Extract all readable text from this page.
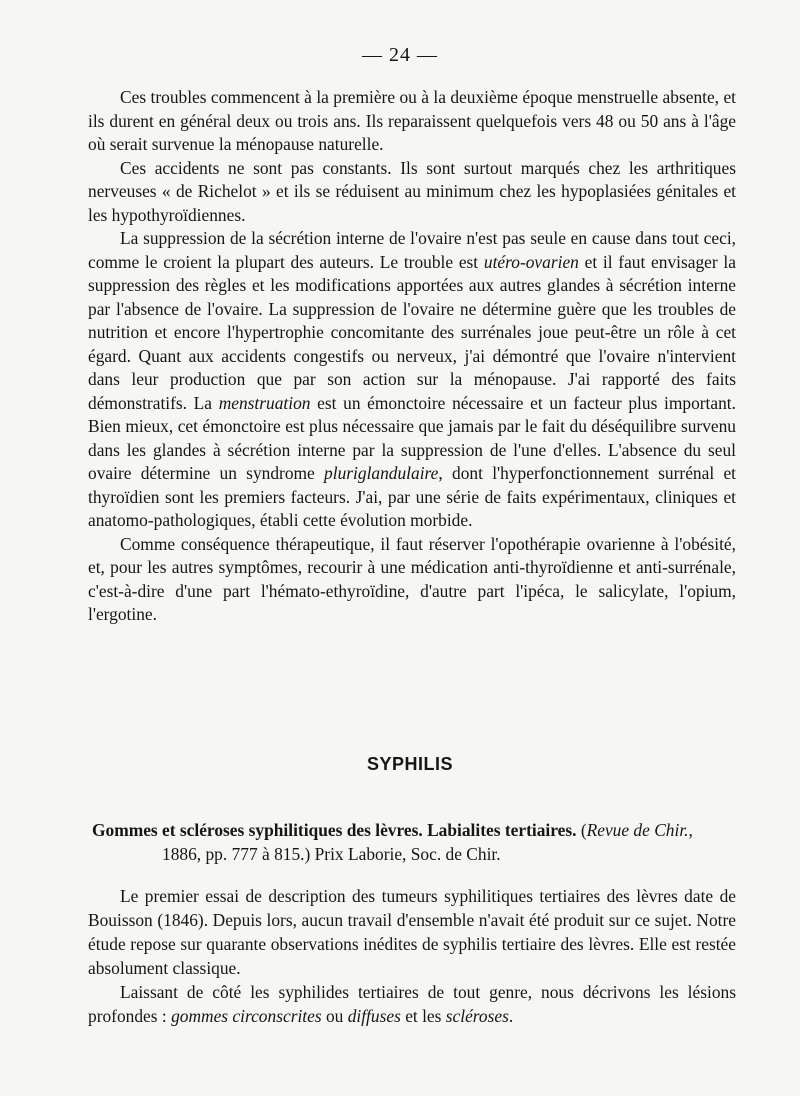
— 24 —

Ces troubles commencent à la première ou à la deuxième époque menstruelle absente, et ils durent en général deux ou trois ans. Ils reparaissent quelquefois vers 48 ou 50 ans à l'âge où serait survenue la ménopause naturelle.

Ces accidents ne sont pas constants. Ils sont surtout marqués chez les arthritiques nerveuses « de Richelot » et ils se réduisent au minimum chez les hypoplasiées génitales et les hypothyroïdiennes.

La suppression de la sécrétion interne de l'ovaire n'est pas seule en cause dans tout ceci, comme le croient la plupart des auteurs. Le trouble est utéro-ovarien et il faut envisager la suppression des règles et les modifications apportées aux autres glandes à sécrétion interne par l'absence de l'ovaire. La suppression de l'ovaire ne détermine guère que les troubles de nutrition et encore l'hypertrophie concomitante des surrénales joue peut-être un rôle à cet égard. Quant aux accidents congestifs ou nerveux, j'ai démontré que l'ovaire n'intervient dans leur production que par son action sur la ménopause. J'ai rapporté des faits démonstratifs. La menstruation est un émonctoire nécessaire et un facteur plus important. Bien mieux, cet émonctoire est plus nécessaire que jamais par le fait du déséquilibre survenu dans les glandes à sécrétion interne par la suppression de l'une d'elles. L'absence du seul ovaire détermine un syndrome pluriglandulaire, dont l'hyperfonctionnement surrénal et thyroïdien sont les premiers facteurs. J'ai, par une série de faits expérimentaux, cliniques et anatomo-pathologiques, établi cette évolution morbide.

Comme conséquence thérapeutique, il faut réserver l'opothérapie ovarienne à l'obésité, et, pour les autres symptômes, recourir à une médication anti-thyroïdienne et anti-surrénale, c'est-à-dire d'une part l'hémato-ethyroïdine, d'autre part l'ipéca, le salicylate, l'opium, l'ergotine.

SYPHILIS
Gommes et scléroses syphilitiques des lèvres. Labialites tertiaires. (Revue de Chir.,
1886, pp. 777 à 815.) Prix Laborie, Soc. de Chir.

Le premier essai de description des tumeurs syphilitiques tertiaires des lèvres date de Bouisson (1846). Depuis lors, aucun travail d'ensemble n'avait été produit sur ce sujet. Notre étude repose sur quarante observations inédites de syphilis tertiaire des lèvres. Elle est restée absolument classique.

Laissant de côté les syphilides tertiaires de tout genre, nous décrivons les lésions profondes : gommes circonscrites ou diffuses et les scléroses.
